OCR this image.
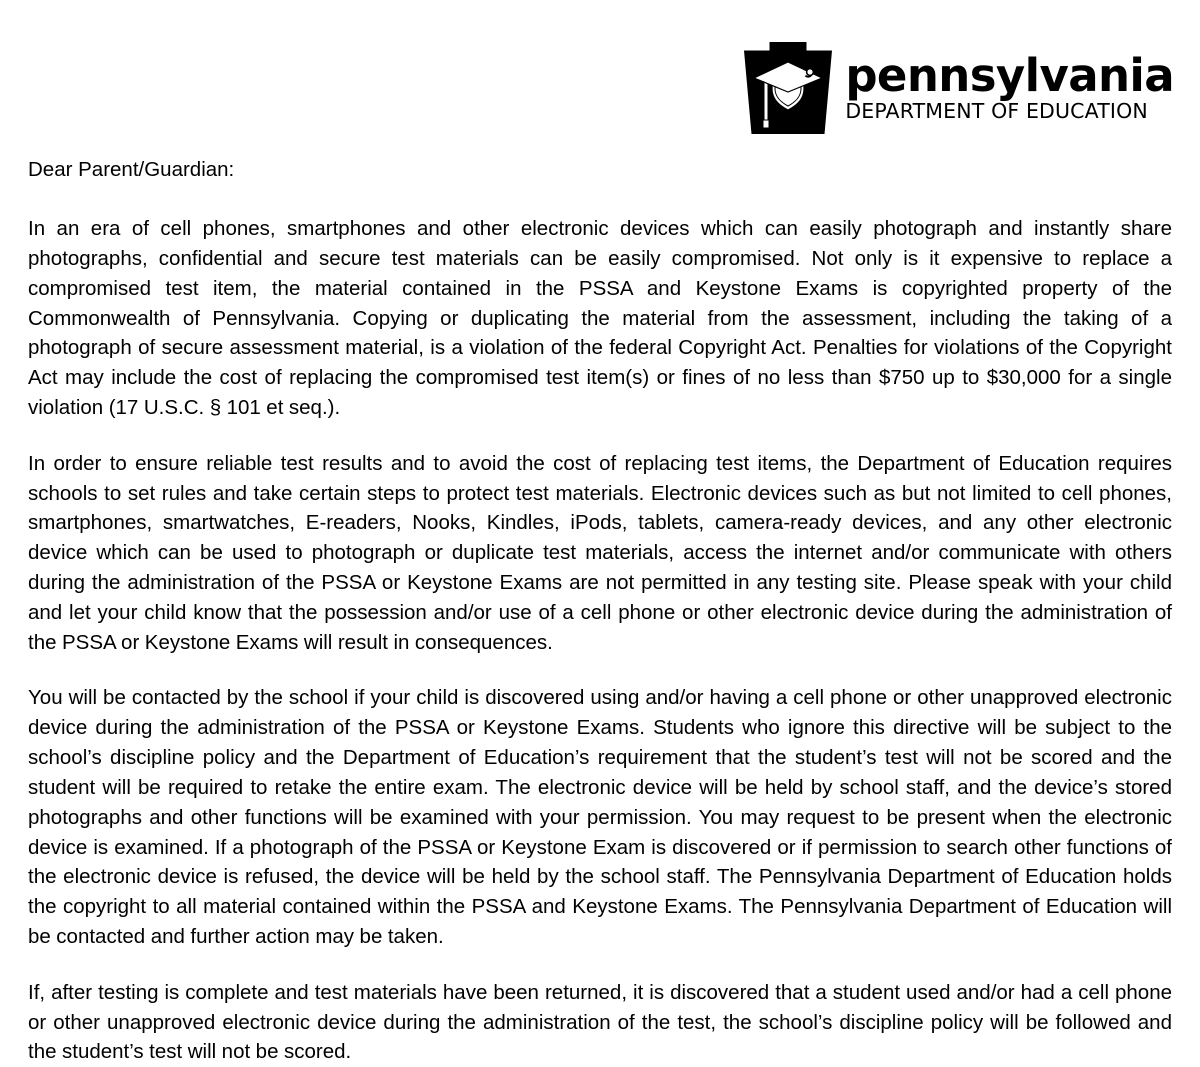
pennsylvania
DEPARTMENT OF EDUCATION

Dear Parent/Guardian:

In an era of cell phones, smartphones and other electronic devices which can easily photograph and instantly share photographs, confidential and secure test materials can be easily compromised. Not only is it expensive to replace a compromised test item, the material contained in the PSSA and Keystone Exams is copyrighted property of the Commonwealth of Pennsylvania. Copying or duplicating the material from the assessment, including the taking of a photograph of secure assessment material, is a violation of the federal Copyright Act. Penalties for violations of the Copyright Act may include the cost of replacing the compromised test item(s) or fines of no less than $750 up to $30,000 for a single violation (17 U.S.C. § 101 et seq.).

In order to ensure reliable test results and to avoid the cost of replacing test items, the Department of Education requires schools to set rules and take certain steps to protect test materials. Electronic devices such as but not limited to cell phones, smartphones, smartwatches, E-readers, Nooks, Kindles, iPods, tablets, camera-ready devices, and any other electronic device which can be used to photograph or duplicate test materials, access the internet and/or communicate with others during the administration of the PSSA or Keystone Exams are not permitted in any testing site. Please speak with your child and let your child know that the possession and/or use of a cell phone or other electronic device during the administration of the PSSA or Keystone Exams will result in consequences.

You will be contacted by the school if your child is discovered using and/or having a cell phone or other unapproved electronic device during the administration of the PSSA or Keystone Exams. Students who ignore this directive will be subject to the school’s discipline policy and the Department of Education’s requirement that the student’s test will not be scored and the student will be required to retake the entire exam. The electronic device will be held by school staff, and the device’s stored photographs and other functions will be examined with your permission. You may request to be present when the electronic device is examined. If a photograph of the PSSA or Keystone Exam is discovered or if permission to search other functions of the electronic device is refused, the device will be held by the school staff. The Pennsylvania Department of Education holds the copyright to all material contained within the PSSA and Keystone Exams. The Pennsylvania Department of Education will be contacted and further action may be taken.

If, after testing is complete and test materials have been returned, it is discovered that a student used and/or had a cell phone or other unapproved electronic device during the administration of the test, the school’s discipline policy will be followed and the student’s test will not be scored.
